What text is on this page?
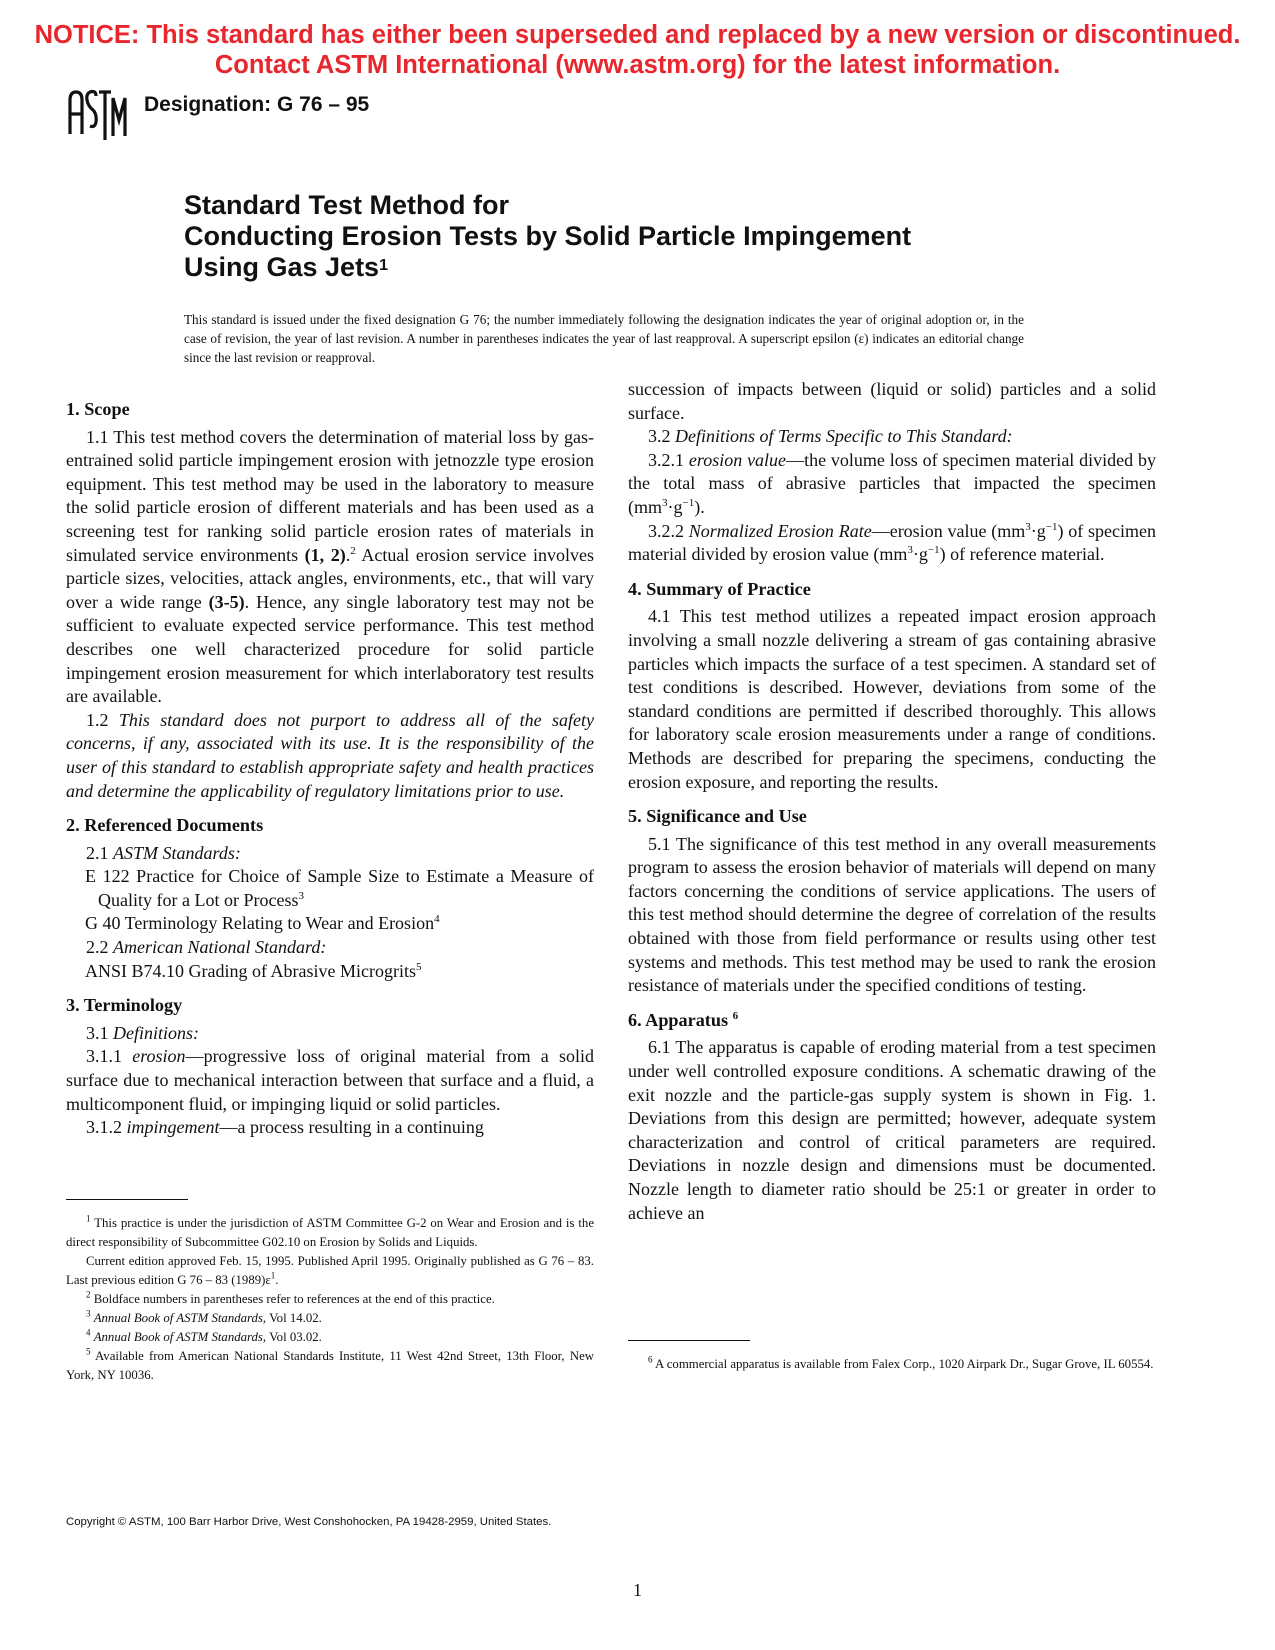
NOTICE: This standard has either been superseded and replaced by a new version or discontinued.
Contact ASTM International (www.astm.org) for the latest information.
Designation: G 76 – 95
Standard Test Method for
Conducting Erosion Tests by Solid Particle Impingement
Using Gas Jets$^1$
This standard is issued under the fixed designation G 76; the number immediately following the designation indicates the year of original adoption or, in the case of revision, the year of last revision. A number in parentheses indicates the year of last reapproval. A superscript epsilon (ε) indicates an editorial change since the last revision or reapproval.
1. Scope

1.1 This test method covers the determination of material loss by gas-entrained solid particle impingement erosion with jetnozzle type erosion equipment. This test method may be used in the laboratory to measure the solid particle erosion of different materials and has been used as a screening test for ranking solid particle erosion rates of materials in simulated service environments (1, 2).$^2$ Actual erosion service involves particle sizes, velocities, attack angles, environments, etc., that will vary over a wide range (3-5). Hence, any single laboratory test may not be sufficient to evaluate expected service performance. This test method describes one well characterized procedure for solid particle impingement erosion measurement for which interlaboratory test results are available.

1.2 This standard does not purport to address all of the safety concerns, if any, associated with its use. It is the responsibility of the user of this standard to establish appropriate safety and health practices and determine the applicability of regulatory limitations prior to use.

2. Referenced Documents

2.1 ASTM Standards:

E 122 Practice for Choice of Sample Size to Estimate a Measure of Quality for a Lot or Process$^3$

G 40 Terminology Relating to Wear and Erosion$^4$

2.2 American National Standard:

ANSI B74.10 Grading of Abrasive Microgrits$^5$

3. Terminology

3.1 Definitions:

3.1.1 erosion—progressive loss of original material from a solid surface due to mechanical interaction between that surface and a fluid, a multicomponent fluid, or impinging liquid or solid particles.

3.1.2 impingement—a process resulting in a continuing

$^1$ This practice is under the jurisdiction of ASTM Committee G-2 on Wear and Erosion and is the direct responsibility of Subcommittee G02.10 on Erosion by Solids and Liquids.

Current edition approved Feb. 15, 1995. Published April 1995. Originally published as G 76 – 83. Last previous edition G 76 – 83 $(1989)\varepsilon^1$.

$^2$ Boldface numbers in parentheses refer to references at the end of this practice.

$^3$ Annual Book of ASTM Standards, Vol 14.02.

$^4$ Annual Book of ASTM Standards, Vol 03.02.

$^5$ Available from American National Standards Institute, 11 West 42nd Street, 13th Floor, New York, NY 10036.

succession of impacts between (liquid or solid) particles and a solid surface.

3.2 Definitions of Terms Specific to This Standard:

3.2.1 erosion value—the volume loss of specimen material divided by the total mass of abrasive particles that impacted the specimen $(mm^3\cdot g^{-1})$.

3.2.2 Normalized Erosion Rate—erosion value $(mm^3\cdot g^{-1})$ of specimen material divided by erosion value $(mm^3\cdot g^{-1})$ of reference material.

4. Summary of Practice

4.1 This test method utilizes a repeated impact erosion approach involving a small nozzle delivering a stream of gas containing abrasive particles which impacts the surface of a test specimen. A standard set of test conditions is described. However, deviations from some of the standard conditions are permitted if described thoroughly. This allows for laboratory scale erosion measurements under a range of conditions. Methods are described for preparing the specimens, conducting the erosion exposure, and reporting the results.

5. Significance and Use

5.1 The significance of this test method in any overall measurements program to assess the erosion behavior of materials will depend on many factors concerning the conditions of service applications. The users of this test method should determine the degree of correlation of the results obtained with those from field performance or results using other test systems and methods. This test method may be used to rank the erosion resistance of materials under the specified conditions of testing.

6. Apparatus $^6$

6.1 The apparatus is capable of eroding material from a test specimen under well controlled exposure conditions. A schematic drawing of the exit nozzle and the particle-gas supply system is shown in Fig. 1. Deviations from this design are permitted; however, adequate system characterization and control of critical parameters are required. Deviations in nozzle design and dimensions must be documented. Nozzle length to diameter ratio should be 25:1 or greater in order to achieve an

$^6$ A commercial apparatus is available from Falex Corp., 1020 Airpark Dr., Sugar Grove, IL 60554.

Copyright © ASTM, 100 Barr Harbor Drive, West Conshohocken, PA 19428-2959, United States.
1
